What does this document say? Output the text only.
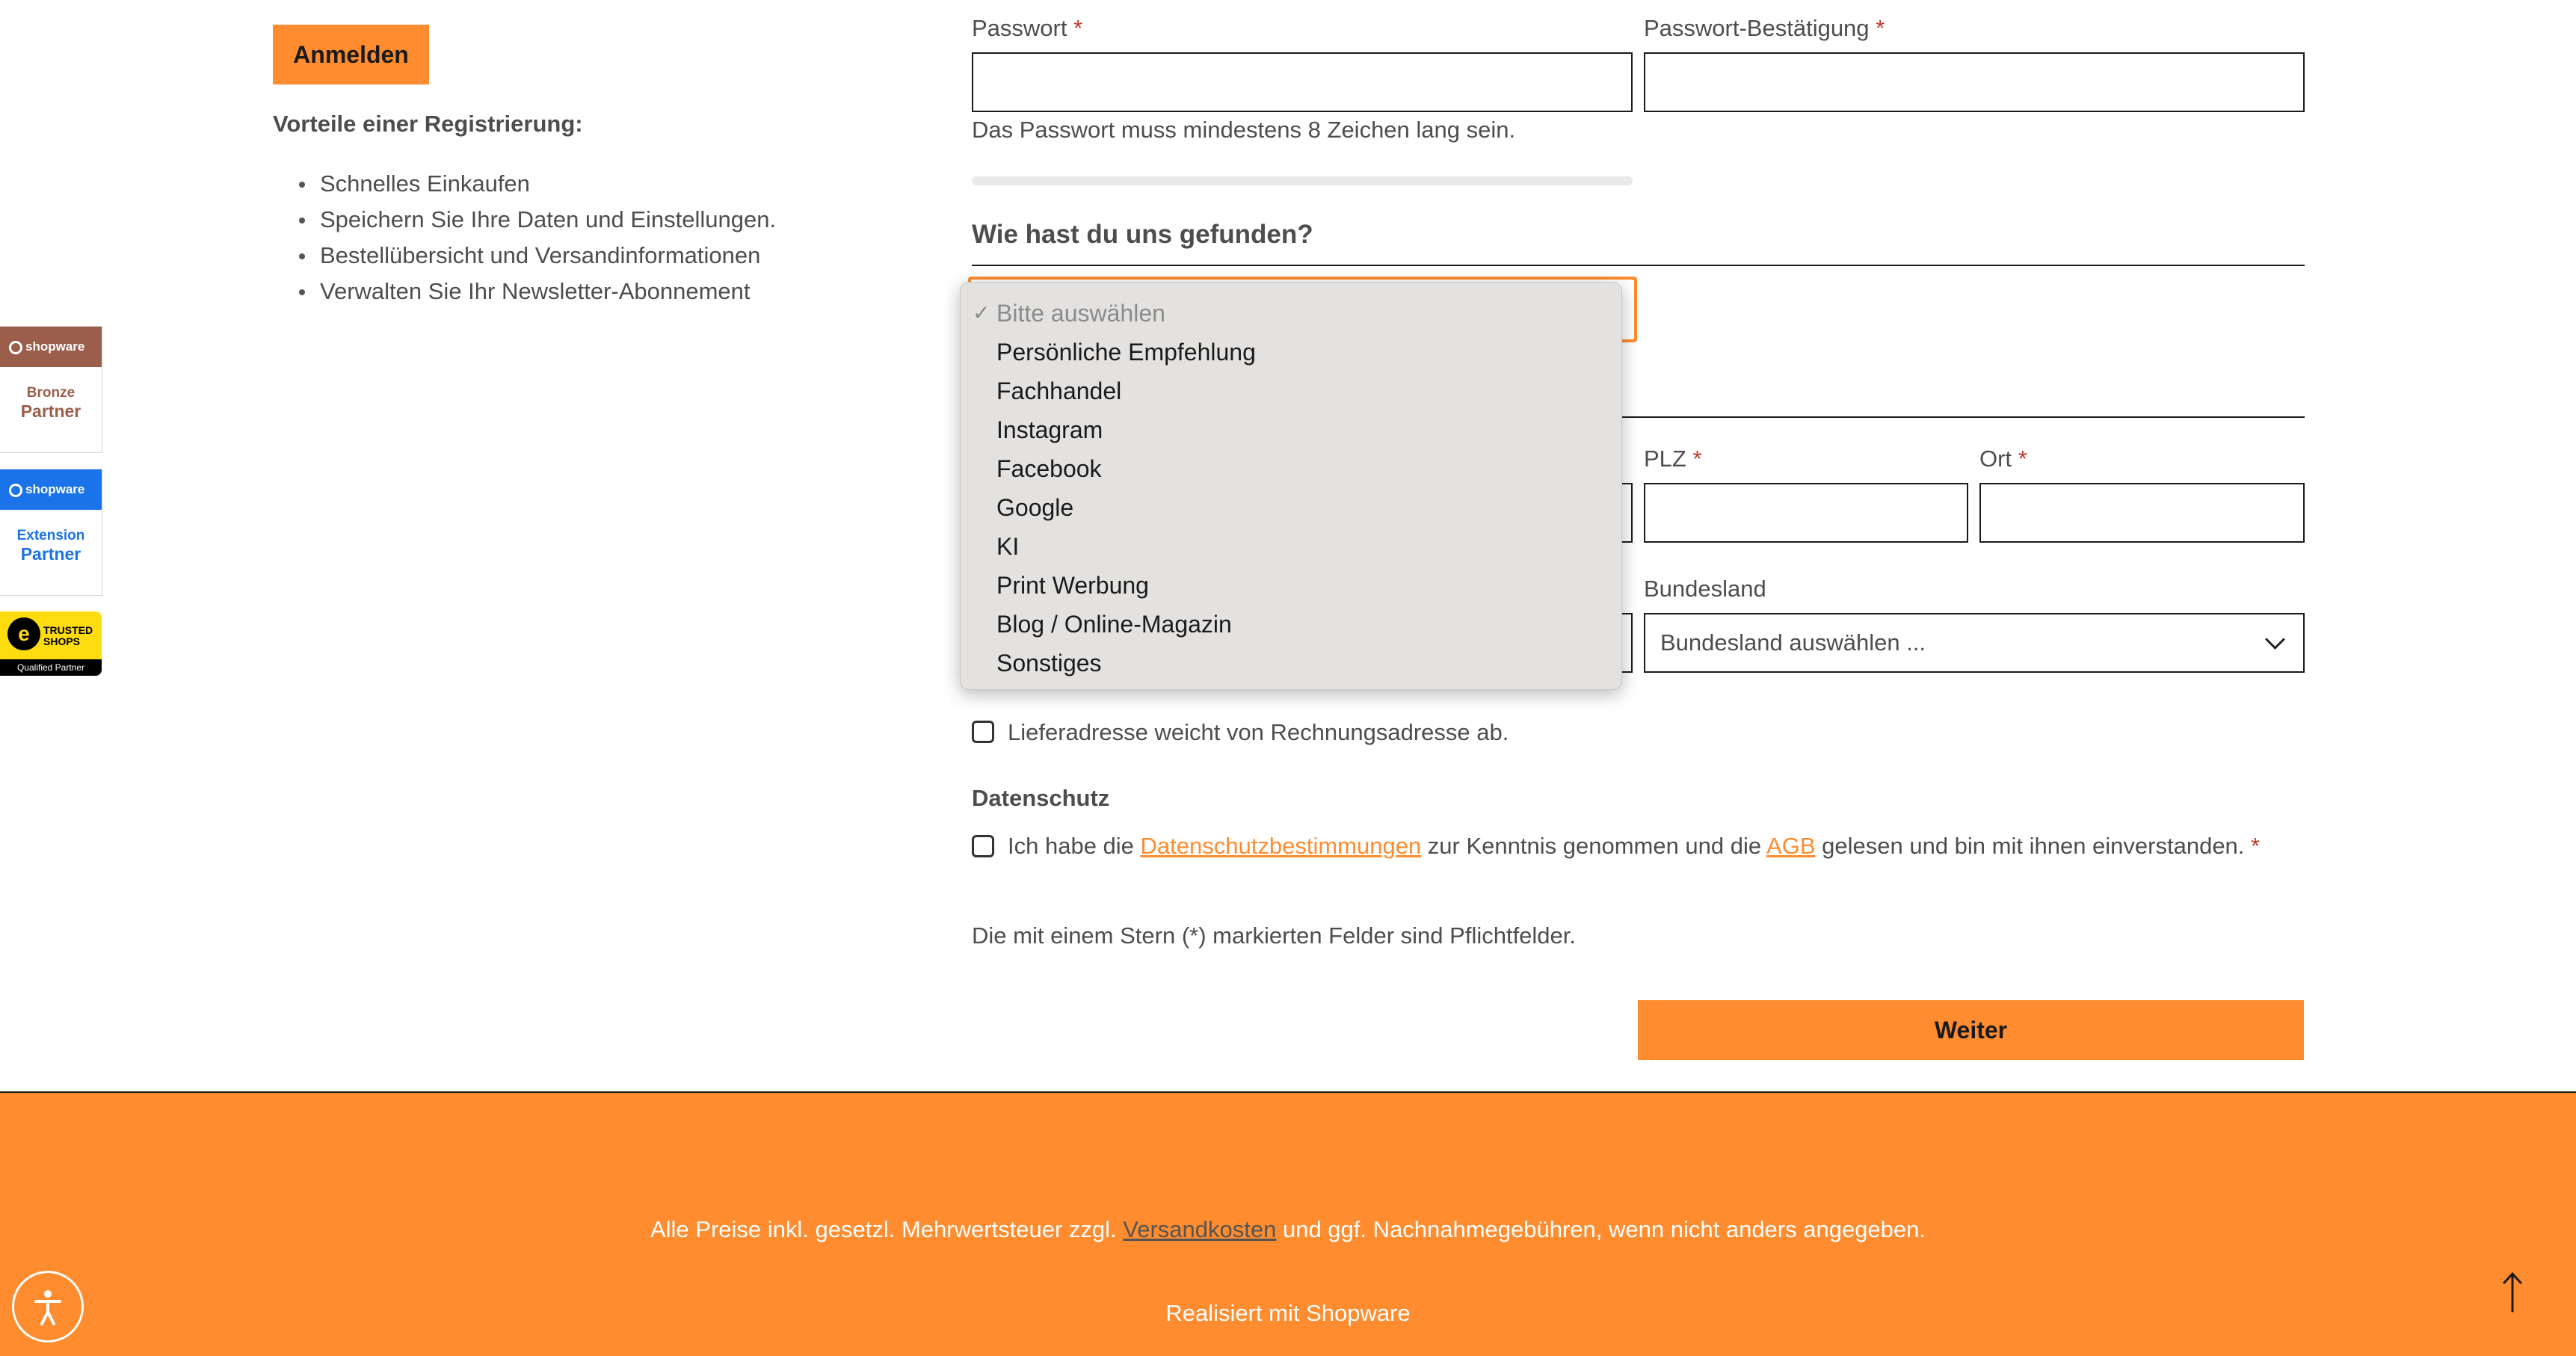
Anmelden
Vorteile einer Registrierung:
Schnelles Einkaufen
Speichern Sie Ihre Daten und Einstellungen.
Bestellübersicht und Versandinformationen
Verwalten Sie Ihr Newsletter-Abonnement
shopware
Bronze
Partner
shopware
Extension
Partner
e	TRUSTED SHOPS
Qualified Partner
Passwort *	Passwort-Bestätigung *
Das Passwort muss mindestens 8 Zeichen lang sein.
Wie hast du uns gefunden?
PLZ *	Ort *
Bundesland
Bundesland auswählen ...
Lieferadresse weicht von Rechnungsadresse ab.
Datenschutz
Ich habe die Datenschutzbestimmungen zur Kenntnis genommen und die AGB gelesen und bin mit ihnen einverstanden. *
Die mit einem Stern (*) markierten Felder sind Pflichtfelder.
Weiter
Alle Preise inkl. gesetzl. Mehrwertsteuer zzgl. Versandkosten und ggf. Nachnahmegebühren, wenn nicht anders angegeben.
Realisiert mit Shopware
✓ Bitte auswählen
Persönliche Empfehlung
Fachhandel
Instagram
Facebook
Google
KI
Print Werbung
Blog / Online-Magazin
Sonstiges
